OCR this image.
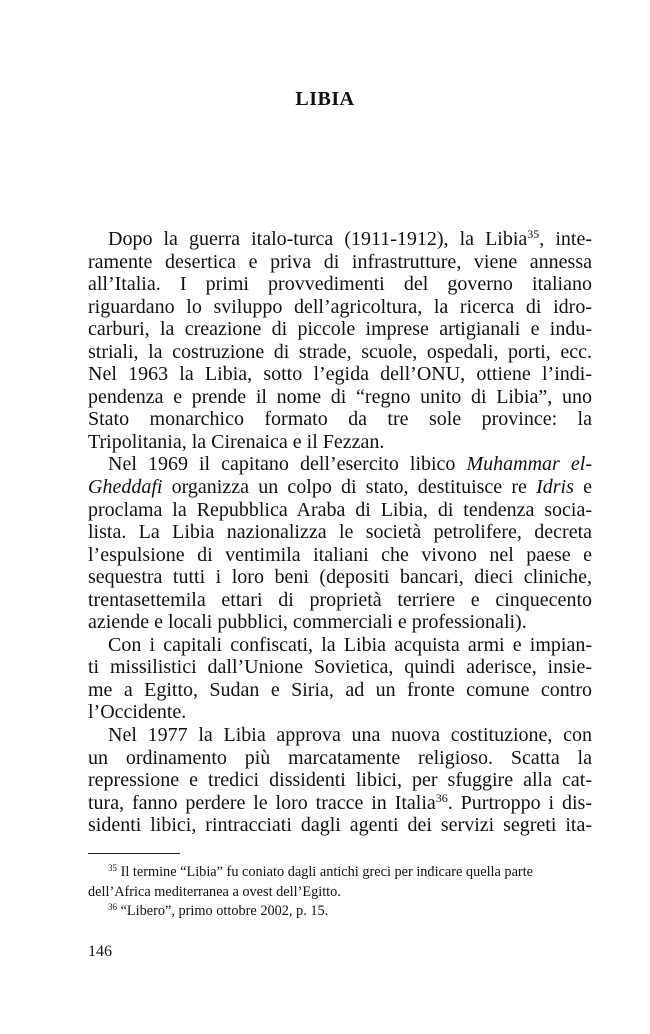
LIBIA
Dopo la guerra italo-turca (1911-1912), la Libia$^{35}$, inte-
ramente desertica e priva di infrastrutture, viene annessa
all’Italia. I primi provvedimenti del governo italiano
riguardano lo sviluppo dell’agricoltura, la ricerca di idro-
carburi, la creazione di piccole imprese artigianali e indu-
striali, la costruzione di strade, scuole, ospedali, porti, ecc.
Nel 1963 la Libia, sotto l’egida dell’ONU, ottiene l’indi-
pendenza e prende il nome di “regno unito di Libia”, uno
Stato monarchico formato da tre sole province: la
Tripolitania, la Cirenaica e il Fezzan.
Nel 1969 il capitano dell’esercito libico Muhammar el-
Gheddafi organizza un colpo di stato, destituisce re Idris e
proclama la Repubblica Araba di Libia, di tendenza socia-
lista. La Libia nazionalizza le società petrolifere, decreta
l’espulsione di ventimila italiani che vivono nel paese e
sequestra tutti i loro beni (depositi bancari, dieci cliniche,
trentasettemila ettari di proprietà terriere e cinquecento
aziende e locali pubblici, commerciali e professionali).
Con i capitali confiscati, la Libia acquista armi e impian-
ti missilistici dall’Unione Sovietica, quindi aderisce, insie-
me a Egitto, Sudan e Siria, ad un fronte comune contro
l’Occidente.
Nel 1977 la Libia approva una nuova costituzione, con
un ordinamento più marcatamente religioso. Scatta la
repressione e tredici dissidenti libici, per sfuggire alla cat-
tura, fanno perdere le loro tracce in Italia$^{36}$. Purtroppo i dis-
sidenti libici, rintracciati dagli agenti dei servizi segreti ita-
$^{35}$ Il termine “Libia” fu coniato dagli antichi greci per indicare quella parte
dell’Africa mediterranea a ovest dell’Egitto.
$^{36}$ “Libero”, primo ottobre 2002, p. 15.
146
